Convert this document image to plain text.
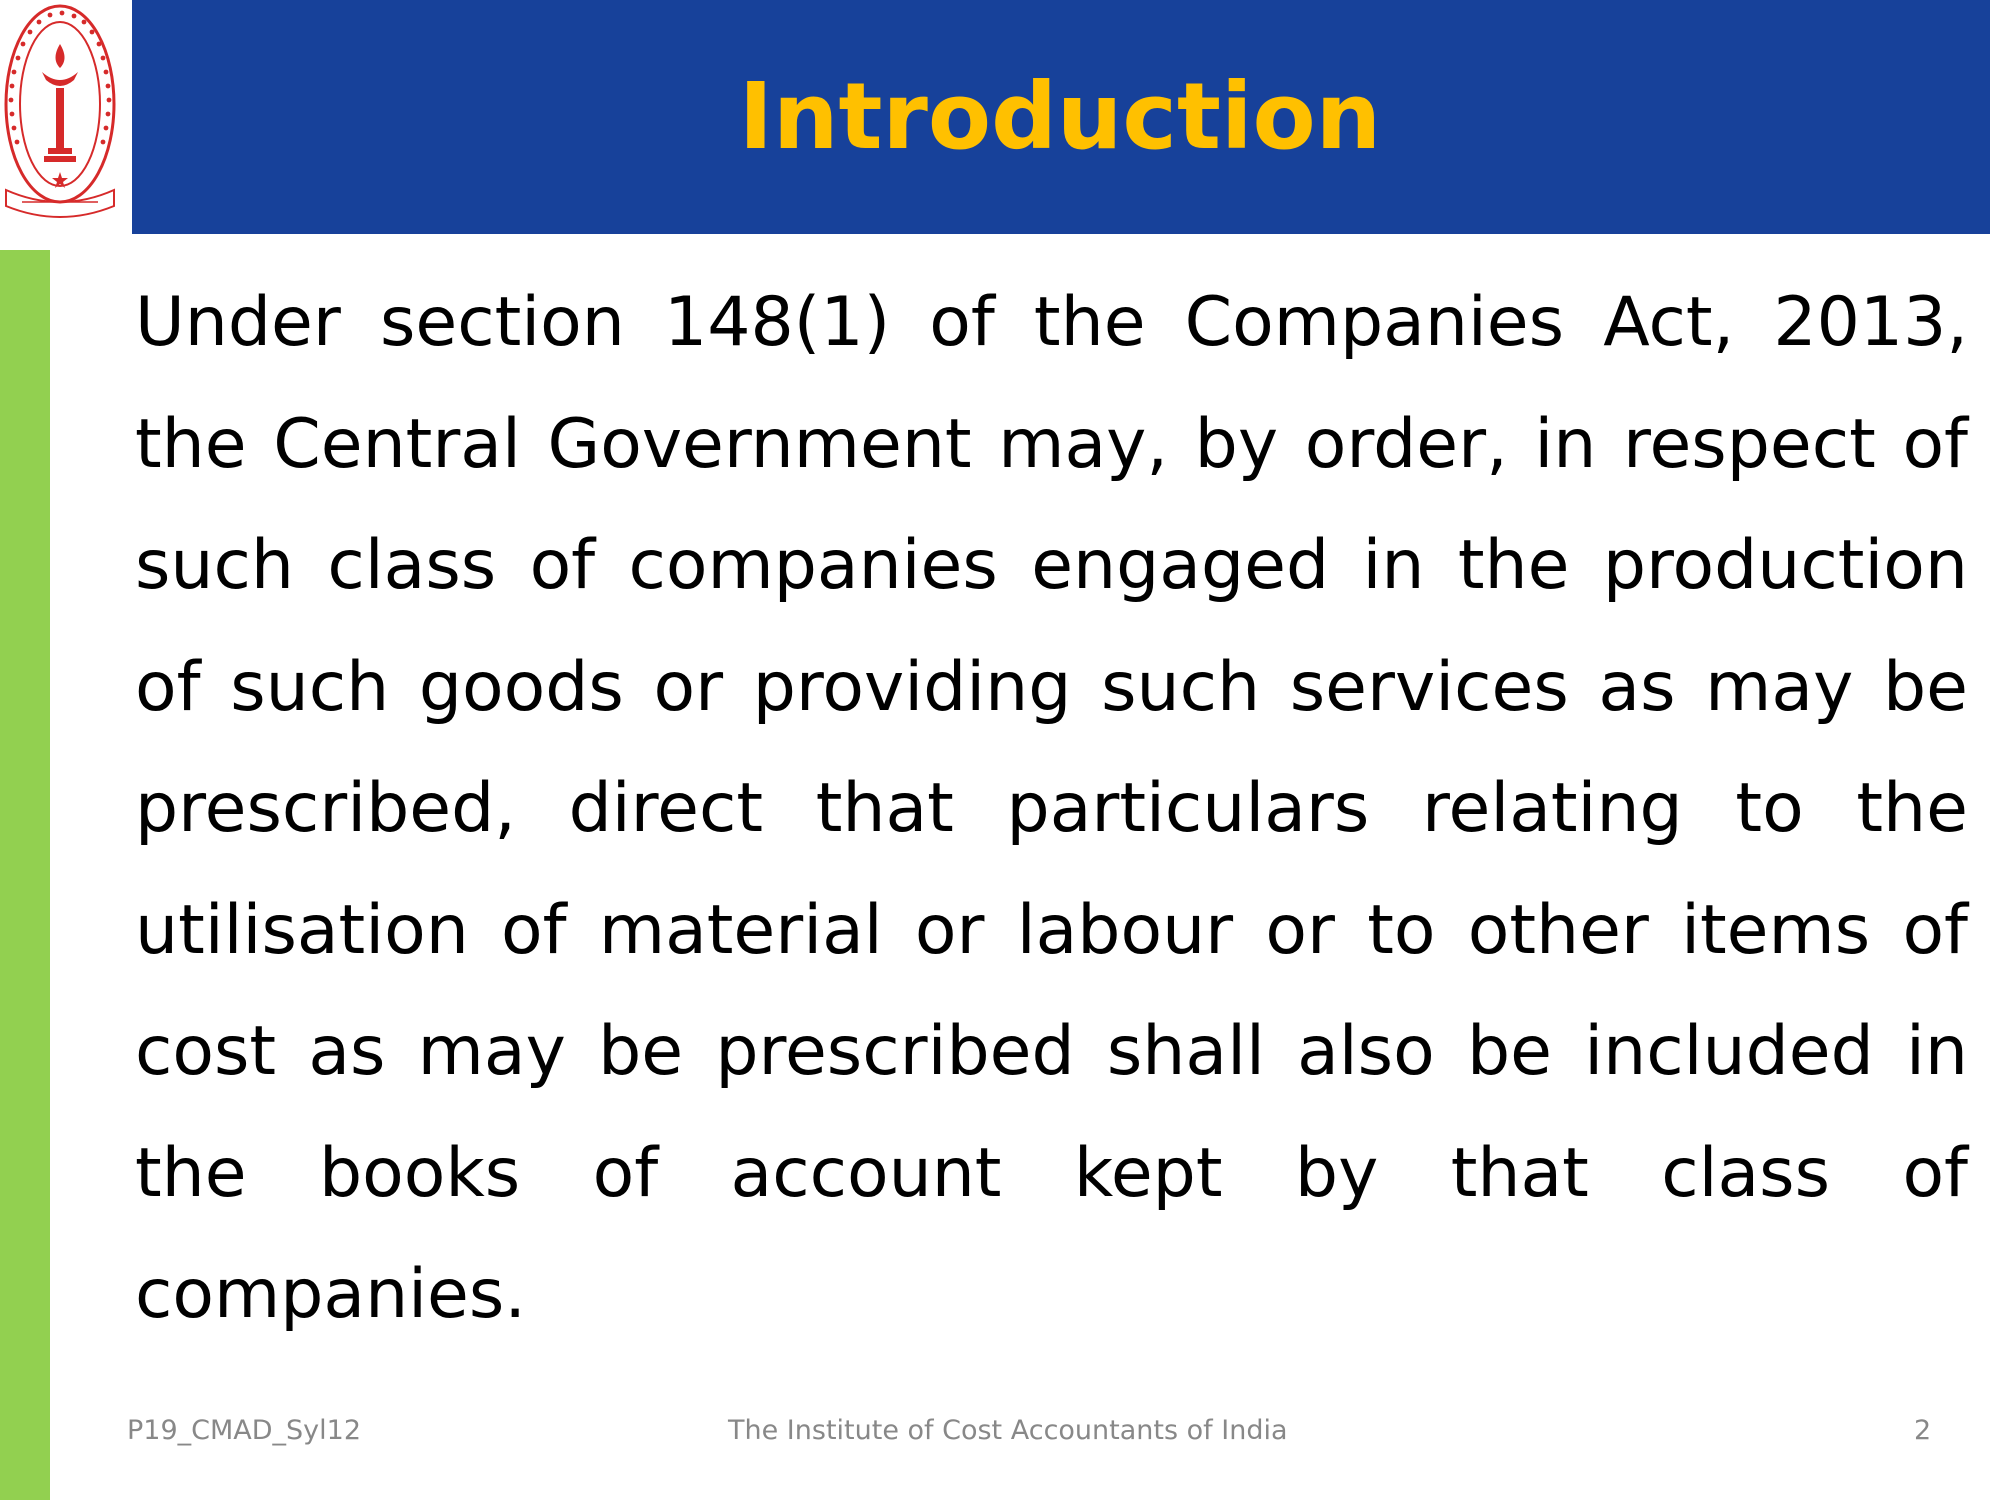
Introduction

Under section 148(1) of the Companies Act, 2013, the Central Government may, by order, in respect of such class of companies engaged in the production of such goods or providing such services as may be prescribed, direct that particulars relating to the utilisation of material or labour or to other items of cost as may be prescribed shall also be included in the books of account kept by that class of companies.

P19_CMAD_Syl12	The Institute of Cost Accountants of India	2
